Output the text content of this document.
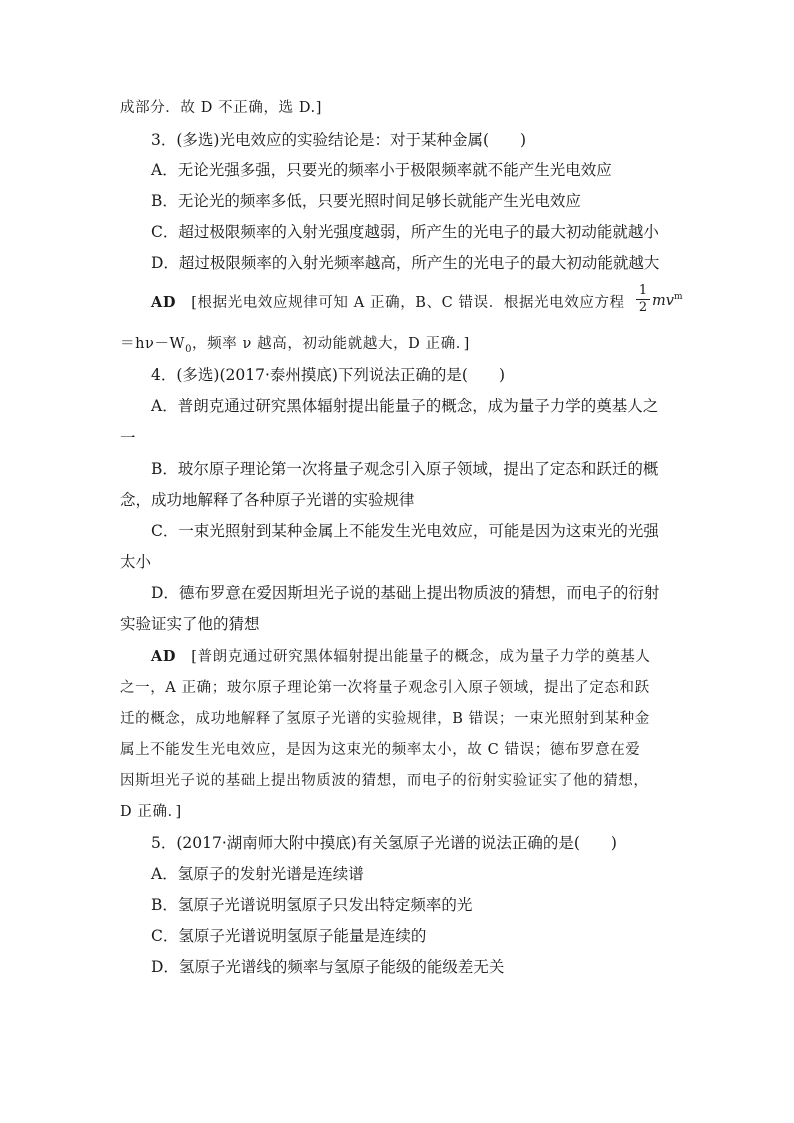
成部分．故 D 不正确，选 D.]
3．(多选)光电效应的实验结论是：对于某种金属(　　)
A．无论光强多强，只要光的频率小于极限频率就不能产生光电效应
B．无论光的频率多低，只要光照时间足够长就能产生光电效应
C．超过极限频率的入射光强度越弱，所产生的光电子的最大初动能就越小
D．超过极限频率的入射光频率越高，所产生的光电子的最大初动能就越大
AD [根据光电效应规律可知 A 正确，B、C 错误．根据光电效应方程
1
2 $mv^m$
$=h\nu-W_0$，频率 ν 越高，初动能就越大，D 正确．]
4．(多选)(2017·泰州摸底)下列说法正确的是(　　)
A．普朗克通过研究黑体辐射提出能量子的概念，成为量子力学的奠基人之
一
B．玻尔原子理论第一次将量子观念引入原子领域，提出了定态和跃迁的概
念，成功地解释了各种原子光谱的实验规律
C．一束光照射到某种金属上不能发生光电效应，可能是因为这束光的光强
太小
D．德布罗意在爱因斯坦光子说的基础上提出物质波的猜想，而电子的衍射
实验证实了他的猜想
AD [普朗克通过研究黑体辐射提出能量子的概念，成为量子力学的奠基人
之一，A 正确；玻尔原子理论第一次将量子观念引入原子领域，提出了定态和跃
迁的概念，成功地解释了氢原子光谱的实验规律，B 错误；一束光照射到某种金
属上不能发生光电效应，是因为这束光的频率太小，故 C 错误；德布罗意在爱
因斯坦光子说的基础上提出物质波的猜想，而电子的衍射实验证实了他的猜想，
D 正确．]
5．(2017·湖南师大附中摸底)有关氢原子光谱的说法正确的是(　　)
A．氢原子的发射光谱是连续谱
B．氢原子光谱说明氢原子只发出特定频率的光
C．氢原子光谱说明氢原子能量是连续的
D．氢原子光谱线的频率与氢原子能级的能级差无关
